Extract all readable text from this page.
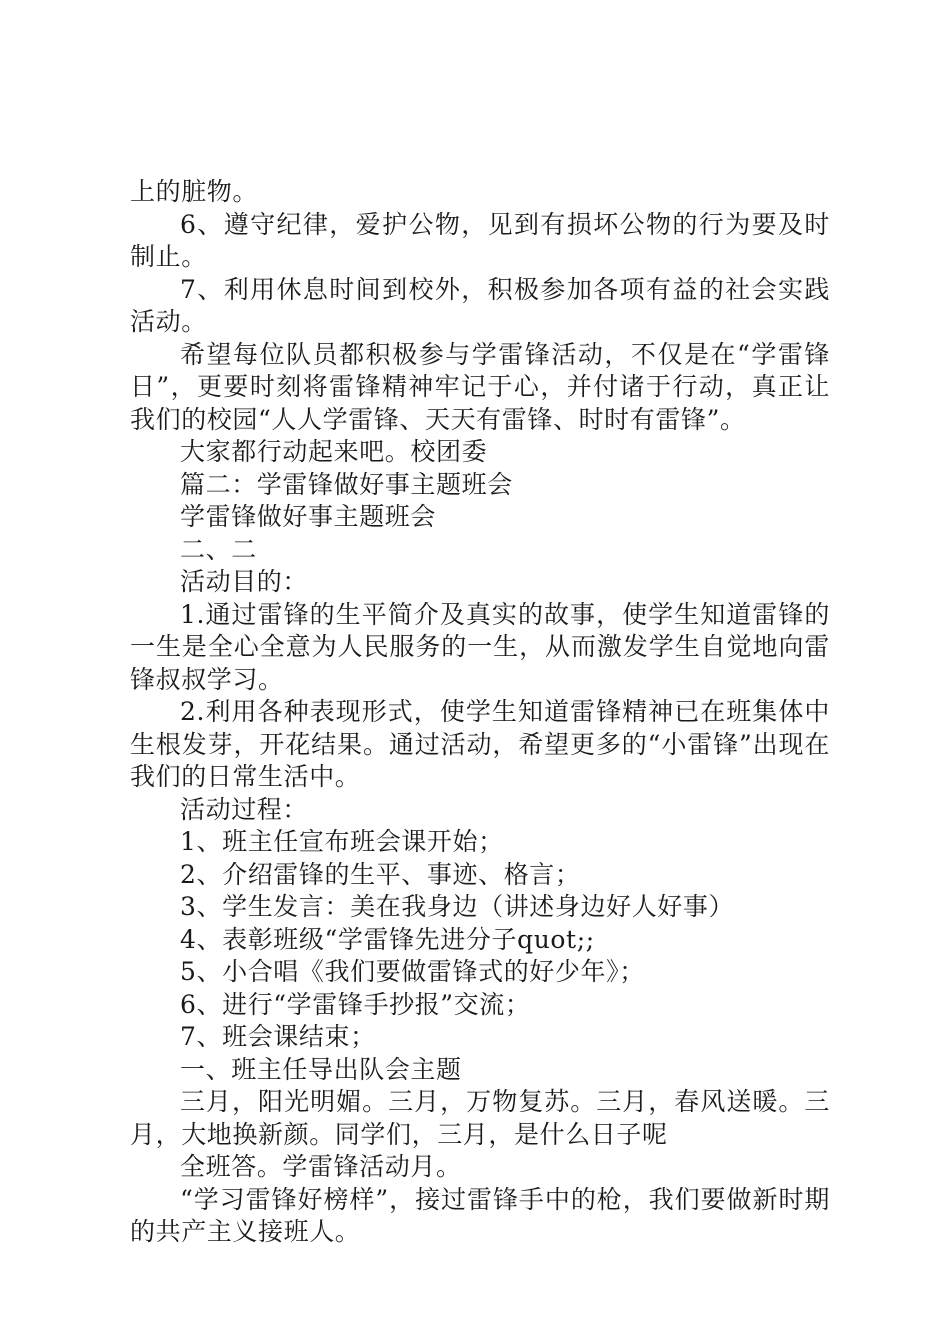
上的脏物。

6、遵守纪律，爱护公物，见到有损坏公物的行为要及时制止。

7、利用休息时间到校外，积极参加各项有益的社会实践活动。

希望每位队员都积极参与学雷锋活动，不仅是在“学雷锋日”，更要时刻将雷锋精神牢记于心，并付诸于行动，真正让我们的校园“人人学雷锋、天天有雷锋、时时有雷锋”。

大家都行动起来吧。校团委

篇二：学雷锋做好事主题班会

学雷锋做好事主题班会

二、二

活动目的：

1.通过雷锋的生平简介及真实的故事，使学生知道雷锋的一生是全心全意为人民服务的一生，从而激发学生自觉地向雷锋叔叔学习。

2.利用各种表现形式，使学生知道雷锋精神已在班集体中生根发芽，开花结果。通过活动，希望更多的“小雷锋”出现在我们的日常生活中。

活动过程：

1、班主任宣布班会课开始；

2、介绍雷锋的生平、事迹、格言；

3、学生发言：美在我身边（讲述身边好人好事）

4、表彰班级“学雷锋先进分子quot;;

5、小合唱《我们要做雷锋式的好少年》；

6、进行“学雷锋手抄报”交流；

7、班会课结束；

一、班主任导出队会主题

三月，阳光明媚。三月，万物复苏。三月，春风送暖。三月，大地换新颜。同学们，三月，是什么日子呢

全班答。学雷锋活动月。

“学习雷锋好榜样”，接过雷锋手中的枪，我们要做新时期的共产主义接班人。
